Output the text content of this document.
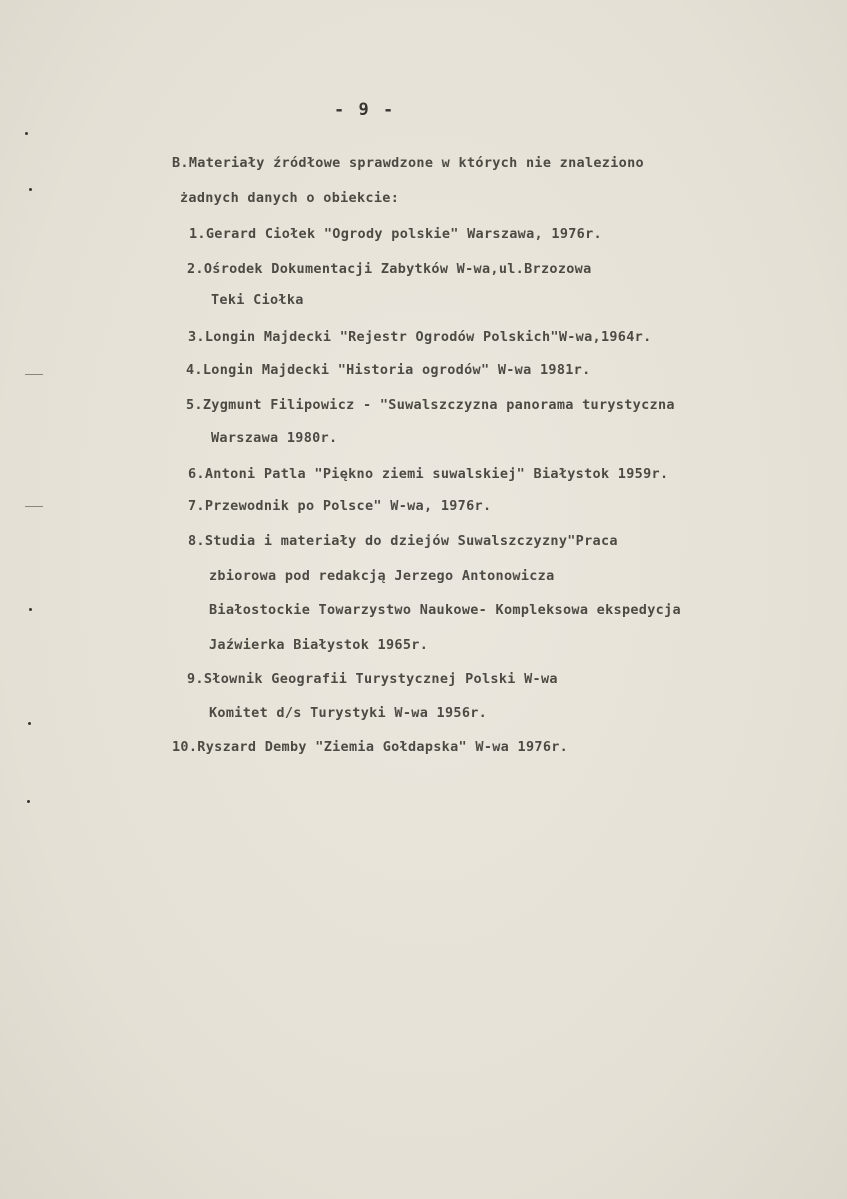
- 9 -
B.Materiały źródłowe sprawdzone w których nie znaleziono
żadnych danych o obiekcie:
1.Gerard Ciołek "Ogrody polskie" Warszawa, 1976r.
2.Ośrodek Dokumentacji Zabytków W-wa,ul.Brzozowa
Teki Ciołka
3.Longin Majdecki "Rejestr Ogrodów Polskich"W-wa,1964r.
4.Longin Majdecki "Historia ogrodów" W-wa 1981r.
5.Zygmunt Filipowicz - "Suwalszczyzna panorama turystyczna
Warszawa 1980r.
6.Antoni Patla "Piękno ziemi suwalskiej" Białystok 1959r.
7.Przewodnik po Polsce" W-wa, 1976r.
8.Studia i materiały do dziejów Suwalszczyzny"Praca
zbiorowa pod redakcją Jerzego Antonowicza
Białostockie Towarzystwo Naukowe- Kompleksowa ekspedycja
Jaźwierka Białystok 1965r.
9.Słownik Geografii Turystycznej Polski W-wa
Komitet d/s Turystyki W-wa 1956r.
10.Ryszard Demby "Ziemia Gołdapska" W-wa 1976r.
